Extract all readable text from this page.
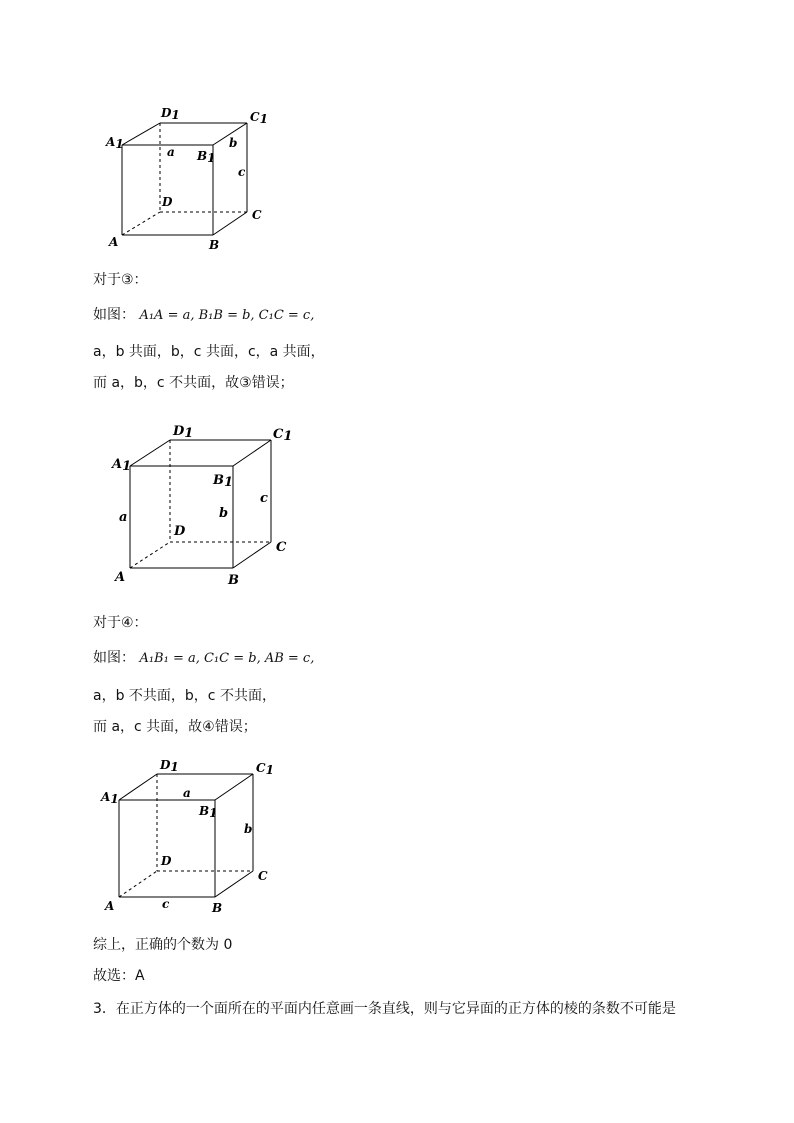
D1	C1
A1
B1
D
C
A	B
a
b
c
对于③：
如图： A₁A = a, B₁B = b, C₁C = c,
a，b 共面，b，c 共面，c，a 共面，
而 a，b，c 不共面，故③错误；
D1	C1
A1
B1
D
C
A	B
a	b
c
对于④：
如图： A₁B₁ = a, C₁C = b, AB = c,
a，b 不共面，b，c 不共面，
而 a，c 共面，故④错误；
D1	C1
A1
B1
D
C
A	B
a
b
c
综上，正确的个数为 0
故选：A
3．在正方体的一个面所在的平面内任意画一条直线，则与它异面的正方体的棱的条数不可能是
